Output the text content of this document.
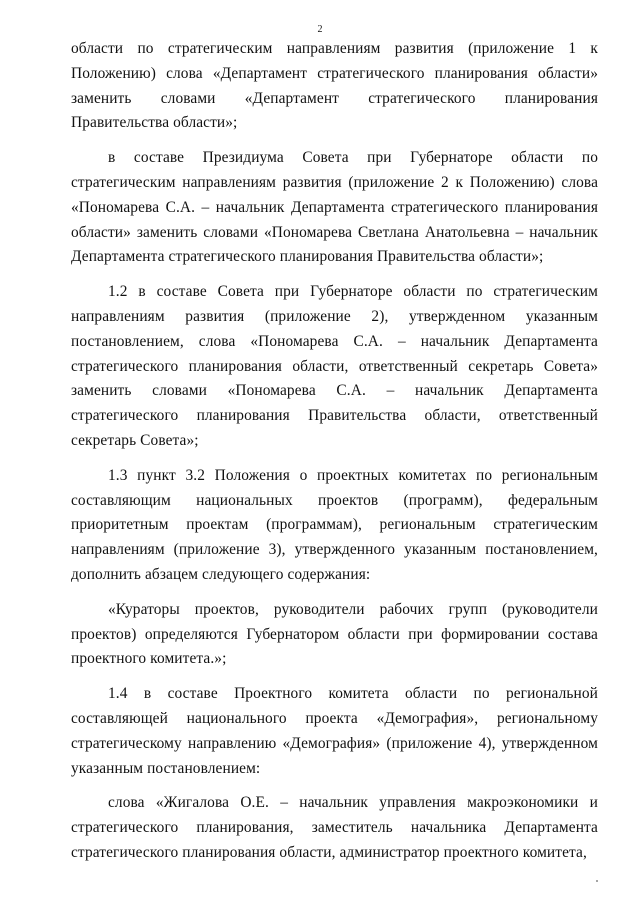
2

области по стратегическим направлениям развития (приложение 1 к Положению) слова «Департамент стратегического планирования области» заменить словами «Департамент стратегического планирования Правительства области»;

в составе Президиума Совета при Губернаторе области по стратегическим направлениям развития (приложение 2 к Положению) слова «Пономарева С.А. – начальник Департамента стратегического планирования области» заменить словами «Пономарева Светлана Анатольевна – начальник Департамента стратегического планирования Правительства области»;

1.2 в составе Совета при Губернаторе области по стратегическим направлениям развития (приложение 2), утвержденном указанным постановлением, слова «Пономарева С.А. – начальник Департамента стратегического планирования области, ответственный секретарь Совета» заменить словами «Пономарева С.А. – начальник Департамента стратегического планирования Правительства области, ответственный секретарь Совета»;

1.3 пункт 3.2 Положения о проектных комитетах по региональным составляющим национальных проектов (программ), федеральным приоритетным проектам (программам), региональным стратегическим направлениям (приложение 3), утвержденного указанным постановлением, дополнить абзацем следующего содержания:

«Кураторы проектов, руководители рабочих групп (руководители проектов) определяются Губернатором области при формировании состава проектного комитета.»;

1.4 в составе Проектного комитета области по региональной составляющей национального проекта «Демография», региональному стратегическому направлению «Демография» (приложение 4), утвержденном указанным постановлением:

слова «Жигалова О.Е. – начальник управления макроэкономики и стратегического планирования, заместитель начальника Департамента стратегического планирования области, администратор проектного комитета,
